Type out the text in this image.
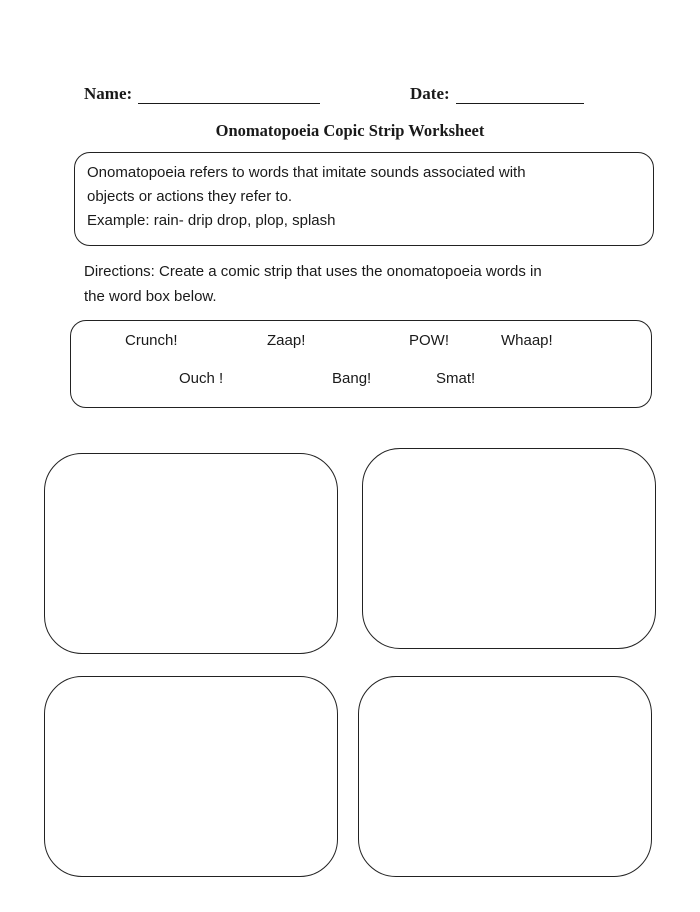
Name:	Date:
Onomatopoeia Copic Strip Worksheet
Onomatopoeia refers to words that imitate sounds associated with
objects or actions they refer to.
Example: rain- drip drop, plop, splash
Directions: Create a comic strip that uses the onomatopoeia words in
the word box below.
Crunch!	Zaap!	POW!	Whaap!
Ouch !	Bang!	Smat!
